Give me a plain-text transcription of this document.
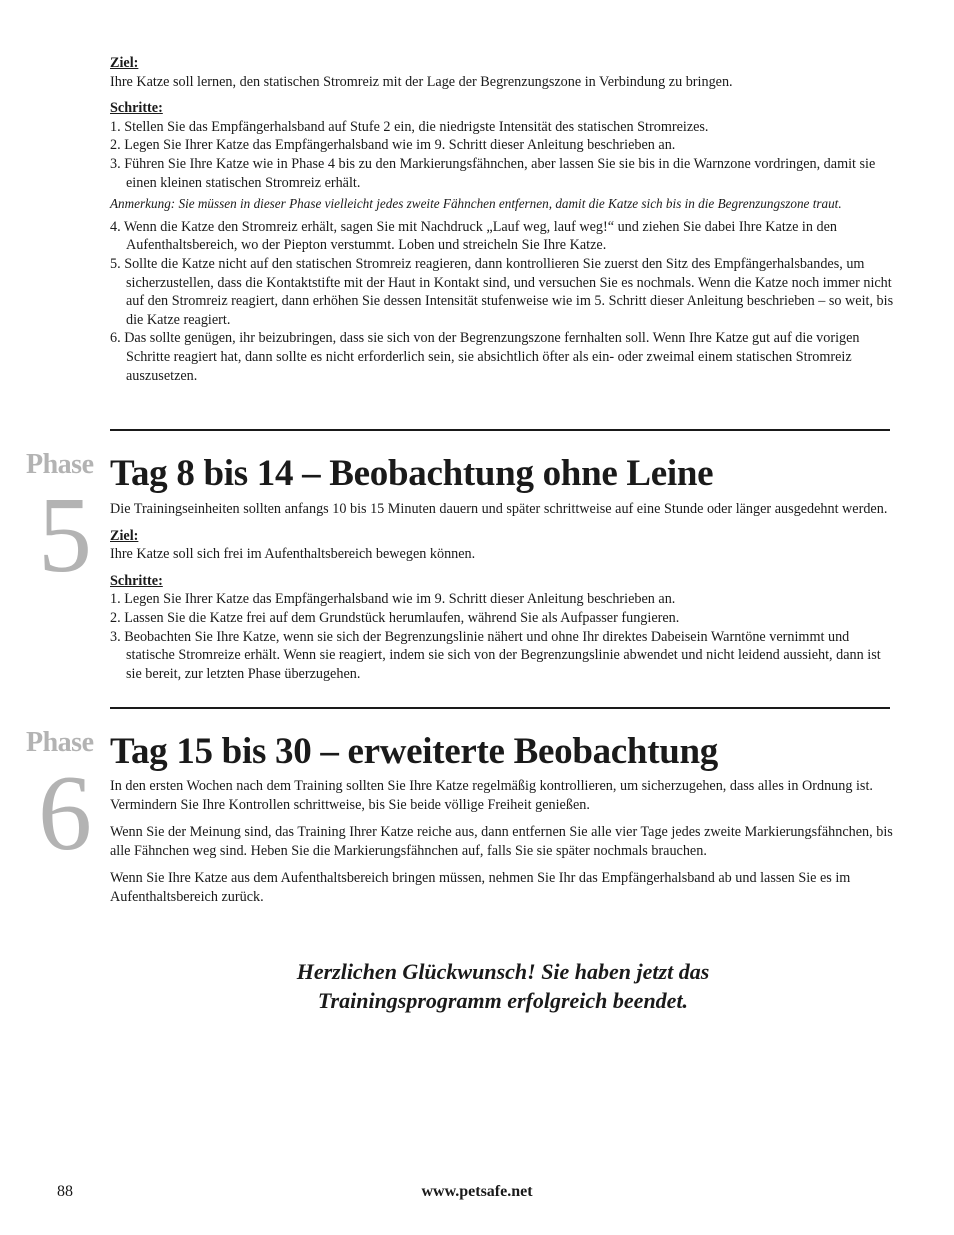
Ziel:

Ihre Katze soll lernen, den statischen Stromreiz mit der Lage der Begrenzungszone in Verbindung zu bringen.

Schritte:

1. Stellen Sie das Empfängerhalsband auf Stufe 2 ein, die niedrigste Intensität des statischen Stromreizes.
2. Legen Sie Ihrer Katze das Empfängerhalsband wie im 9. Schritt dieser Anleitung beschrieben an.
3. Führen Sie Ihre Katze wie in Phase 4 bis zu den Markierungsfähnchen, aber lassen Sie sie bis in die Warnzone vordringen, damit sie einen kleinen statischen Stromreiz erhält.

Anmerkung: Sie müssen in dieser Phase vielleicht jedes zweite Fähnchen entfernen, damit die Katze sich bis in die Begrenzungszone traut.

4. Wenn die Katze den Stromreiz erhält, sagen Sie mit Nachdruck „Lauf weg, lauf weg!“ und ziehen Sie dabei Ihre Katze in den Aufenthaltsbereich, wo der Piepton verstummt. Loben und streicheln Sie Ihre Katze.
5. Sollte die Katze nicht auf den statischen Stromreiz reagieren, dann kontrollieren Sie zuerst den Sitz des Empfängerhalsbandes, um sicherzustellen, dass die Kontaktstifte mit der Haut in Kontakt sind, und versuchen Sie es nochmals. Wenn die Katze noch immer nicht auf den Stromreiz reagiert, dann erhöhen Sie dessen Intensität stufenweise wie im 5. Schritt dieser Anleitung beschrieben – so weit, bis die Katze reagiert.
6. Das sollte genügen, ihr beizubringen, dass sie sich von der Begrenzungszone fernhalten soll. Wenn Ihre Katze gut auf die vorigen Schritte reagiert hat, dann sollte es nicht erforderlich sein, sie absichtlich öfter als ein- oder zweimal einem statischen Stromreiz auszusetzen.
Phase
5
Tag 8 bis 14 – Beobachtung ohne Leine

Die Trainingseinheiten sollten anfangs 10 bis 15 Minuten dauern und später schrittweise auf eine Stunde oder länger ausgedehnt werden.

Ziel:

Ihre Katze soll sich frei im Aufenthaltsbereich bewegen können.

Schritte:

1. Legen Sie Ihrer Katze das Empfängerhalsband wie im 9. Schritt dieser Anleitung beschrieben an.
2. Lassen Sie die Katze frei auf dem Grundstück herumlaufen, während Sie als Aufpasser fungieren.
3. Beobachten Sie Ihre Katze, wenn sie sich der Begrenzungslinie nähert und ohne Ihr direktes Dabeisein Warntöne vernimmt und statische Stromreize erhält. Wenn sie reagiert, indem sie sich von der Begrenzungslinie abwendet und nicht leidend aussieht, dann ist sie bereit, zur letzten Phase überzugehen.
Phase
6
Tag 15 bis 30 – erweiterte Beobachtung

In den ersten Wochen nach dem Training sollten Sie Ihre Katze regelmäßig kontrollieren, um sicherzugehen, dass alles in Ordnung ist. Vermindern Sie Ihre Kontrollen schrittweise, bis Sie beide völlige Freiheit genießen.

Wenn Sie der Meinung sind, das Training Ihrer Katze reiche aus, dann entfernen Sie alle vier Tage jedes zweite Markierungsfähnchen, bis alle Fähnchen weg sind. Heben Sie die Markierungsfähnchen auf, falls Sie sie später nochmals brauchen.

Wenn Sie Ihre Katze aus dem Aufenthaltsbereich bringen müssen, nehmen Sie Ihr das Empfängerhalsband ab und lassen Sie es im Aufenthaltsbereich zurück.

Herzlichen Glückwunsch! Sie haben jetzt das
Trainingsprogramm erfolgreich beendet.
www.petsafe.net
88
